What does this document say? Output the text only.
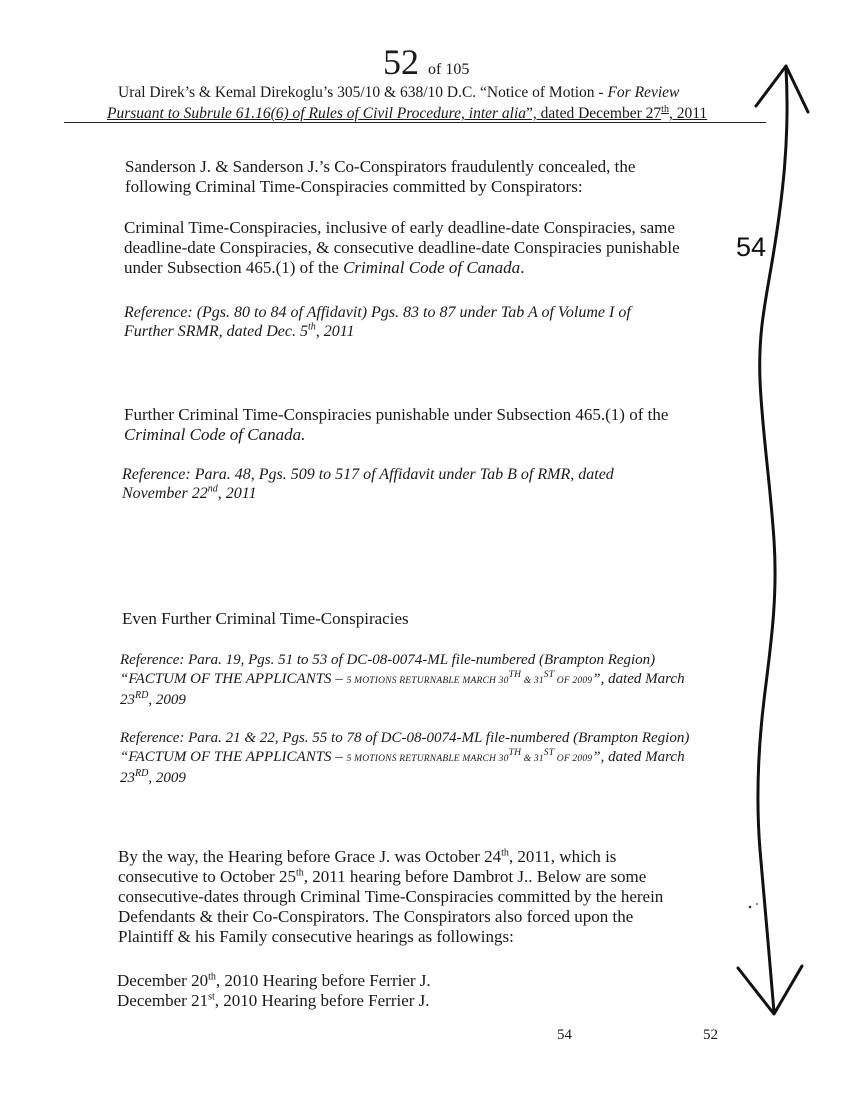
52 of 105
Ural Direk’s & Kemal Direkoglu’s 305/10 & 638/10 D.C. “Notice of Motion - For Review
Pursuant to Subrule 61.16(6) of Rules of Civil Procedure, inter alia”, dated December 27th, 2011
Sanderson J. & Sanderson J.’s Co-Conspirators fraudulently concealed, the
following Criminal Time-Conspiracies committed by Conspirators:
Criminal Time-Conspiracies, inclusive of early deadline-date Conspiracies, same
deadline-date Conspiracies, & consecutive deadline-date Conspiracies punishable
under Subsection 465.(1) of the Criminal Code of Canada.
Reference: (Pgs. 80 to 84 of Affidavit) Pgs. 83 to 87 under Tab A of Volume I of
Further SRMR, dated Dec. 5th, 2011
Further Criminal Time-Conspiracies punishable under Subsection 465.(1) of the
Criminal Code of Canada.
Reference: Para. 48, Pgs. 509 to 517 of Affidavit under Tab B of RMR, dated
November 22nd, 2011
Even Further Criminal Time-Conspiracies
Reference: Para. 19, Pgs. 51 to 53 of DC-08-0074-ML file-numbered (Brampton Region)
“FACTUM OF THE APPLICANTS – 5 MOTIONS RETURNABLE MARCH 30TH & 31ST OF 2009”, dated March
23RD, 2009
Reference: Para. 21 & 22, Pgs. 55 to 78 of DC-08-0074-ML file-numbered (Brampton Region)
“FACTUM OF THE APPLICANTS – 5 MOTIONS RETURNABLE MARCH 30TH & 31ST OF 2009”, dated March
23RD, 2009
By the way, the Hearing before Grace J. was October 24th, 2011, which is
consecutive to October 25th, 2011 hearing before Dambrot J.. Below are some
consecutive-dates through Criminal Time-Conspiracies committed by the herein
Defendants & their Co-Conspirators. The Conspirators also forced upon the
Plaintiff & his Family consecutive hearings as followings:
December 20th, 2010 Hearing before Ferrier J.
December 21st, 2010 Hearing before Ferrier J.
54
54	52
